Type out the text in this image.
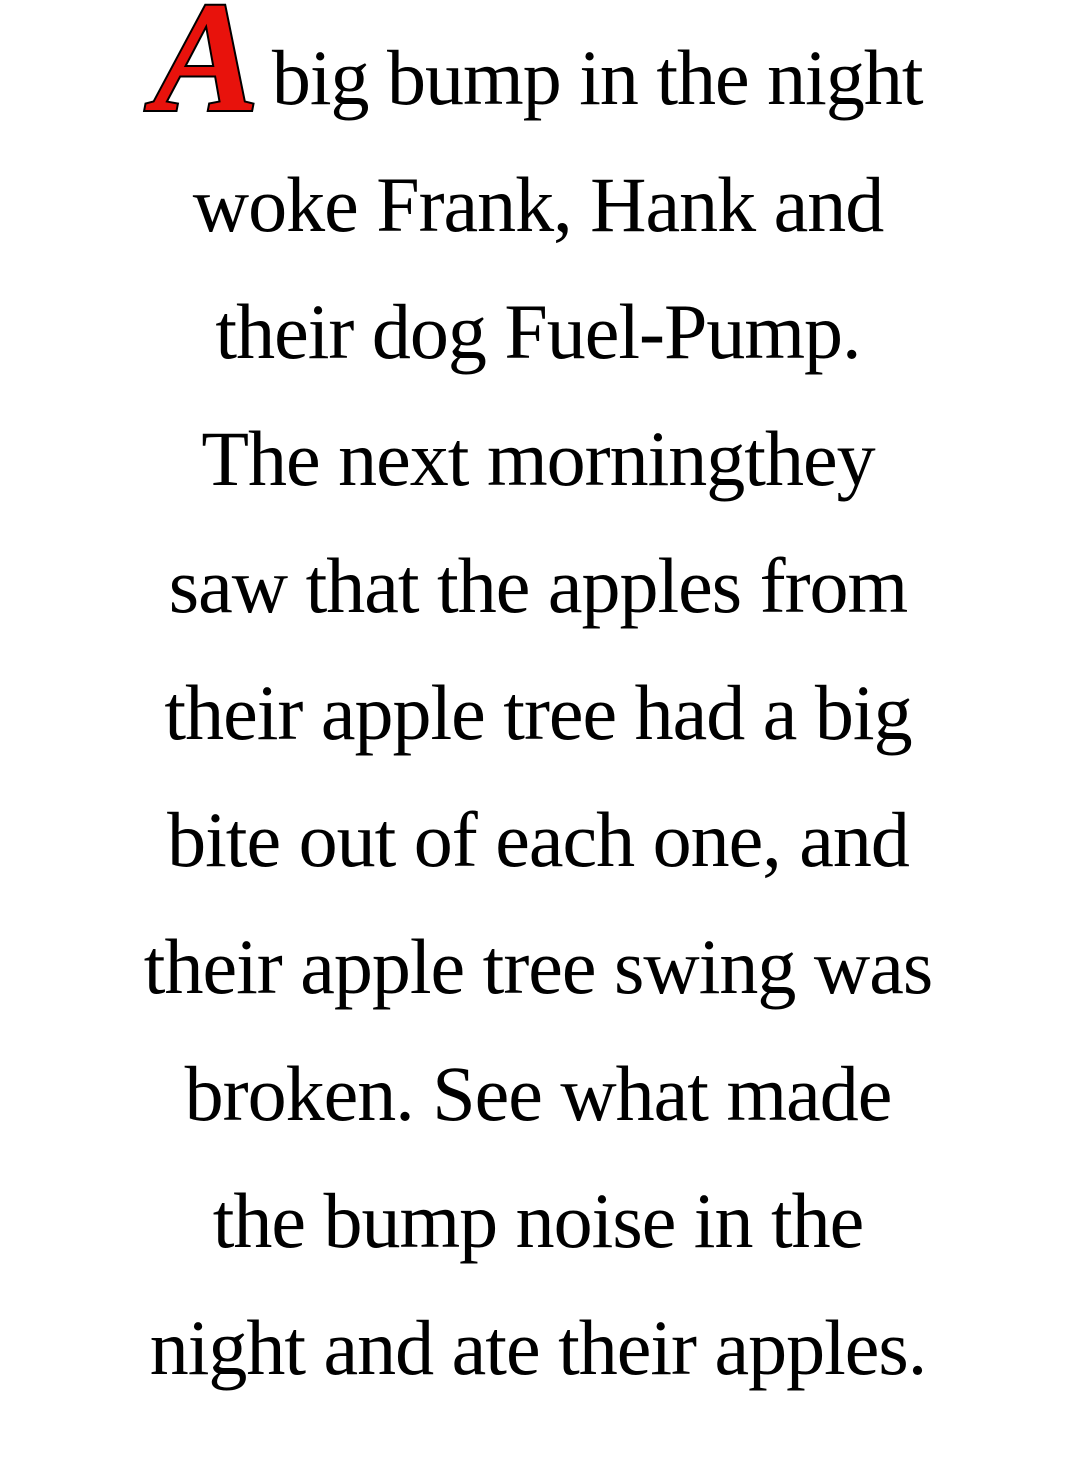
Abig bump in the night
woke Frank, Hank and
their dog Fuel-Pump.
The next morningthey
saw that the apples from
their apple tree had a big
bite out of each one, and
their apple tree swing was
broken. See what made
the bump noise in the
night and ate their apples.
